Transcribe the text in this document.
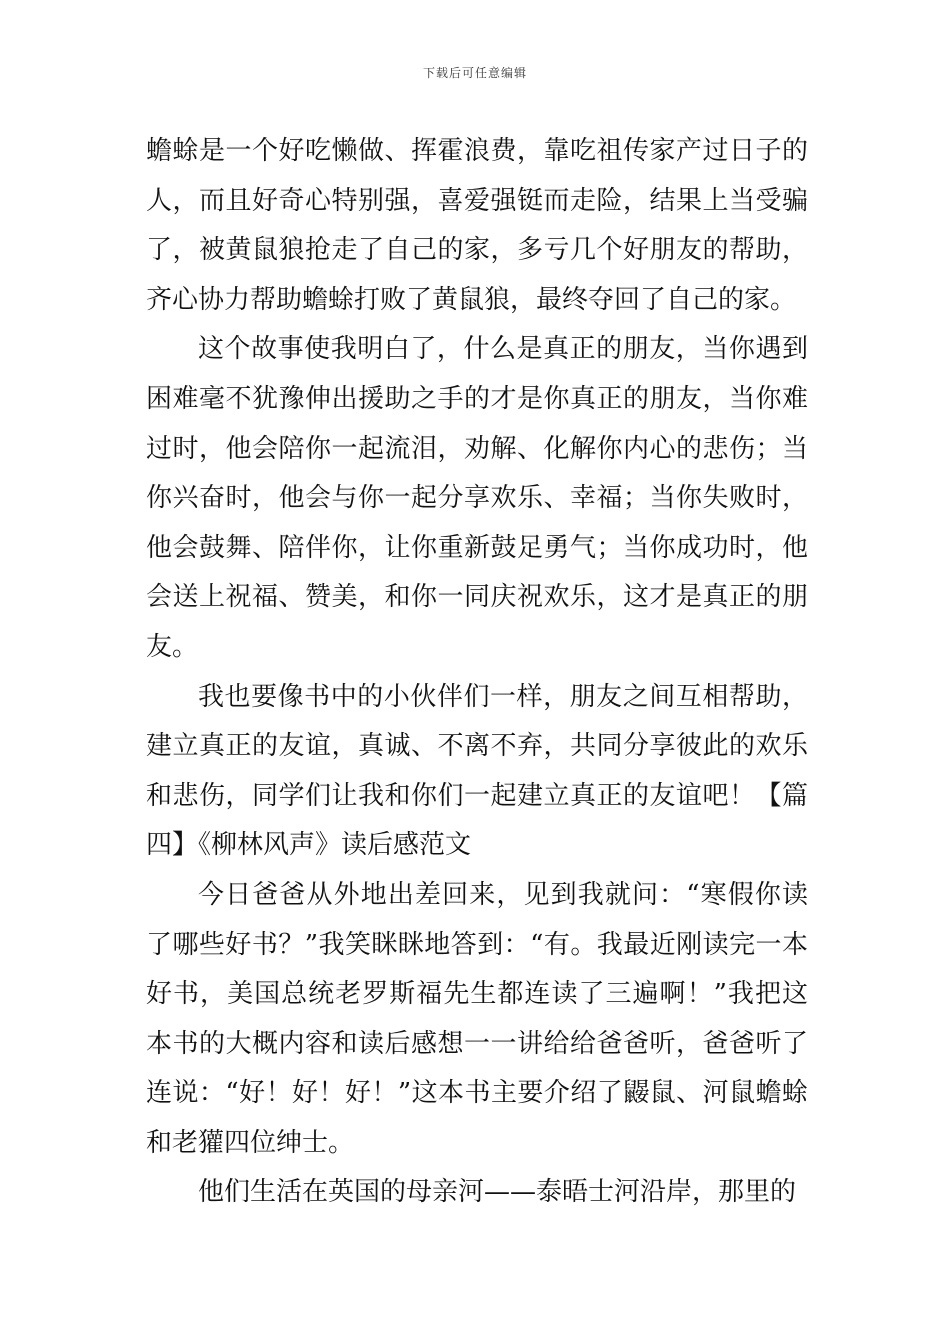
下载后可任意编辑

蟾蜍是一个好吃懒做、挥霍浪费，靠吃祖传家产过日子的人，而且好奇心特别强，喜爱强铤而走险，结果上当受骗了，被黄鼠狼抢走了自己的家，多亏几个好朋友的帮助，齐心协力帮助蟾蜍打败了黄鼠狼，最终夺回了自己的家。

这个故事使我明白了，什么是真正的朋友，当你遇到困难毫不犹豫伸出援助之手的才是你真正的朋友，当你难过时，他会陪你一起流泪，劝解、化解你内心的悲伤；当你兴奋时，他会与你一起分享欢乐、幸福；当你失败时，他会鼓舞、陪伴你，让你重新鼓足勇气；当你成功时，他会送上祝福、赞美，和你一同庆祝欢乐，这才是真正的朋友。

我也要像书中的小伙伴们一样，朋友之间互相帮助，建立真正的友谊，真诚、不离不弃，共同分享彼此的欢乐和悲伤，同学们让我和你们一起建立真正的友谊吧！【篇四】《柳林风声》读后感范文

今日爸爸从外地出差回来，见到我就问：“寒假你读了哪些好书？”我笑眯眯地答到：“有。我最近刚读完一本好书，美国总统老罗斯福先生都连读了三遍啊！”我把这本书的大概内容和读后感想一一讲给给爸爸听，爸爸听了连说：“好！好！好！”这本书主要介绍了鼹鼠、河鼠蟾蜍和老獾四位绅士。

他们生活在英国的母亲河——泰晤士河沿岸，那里的
